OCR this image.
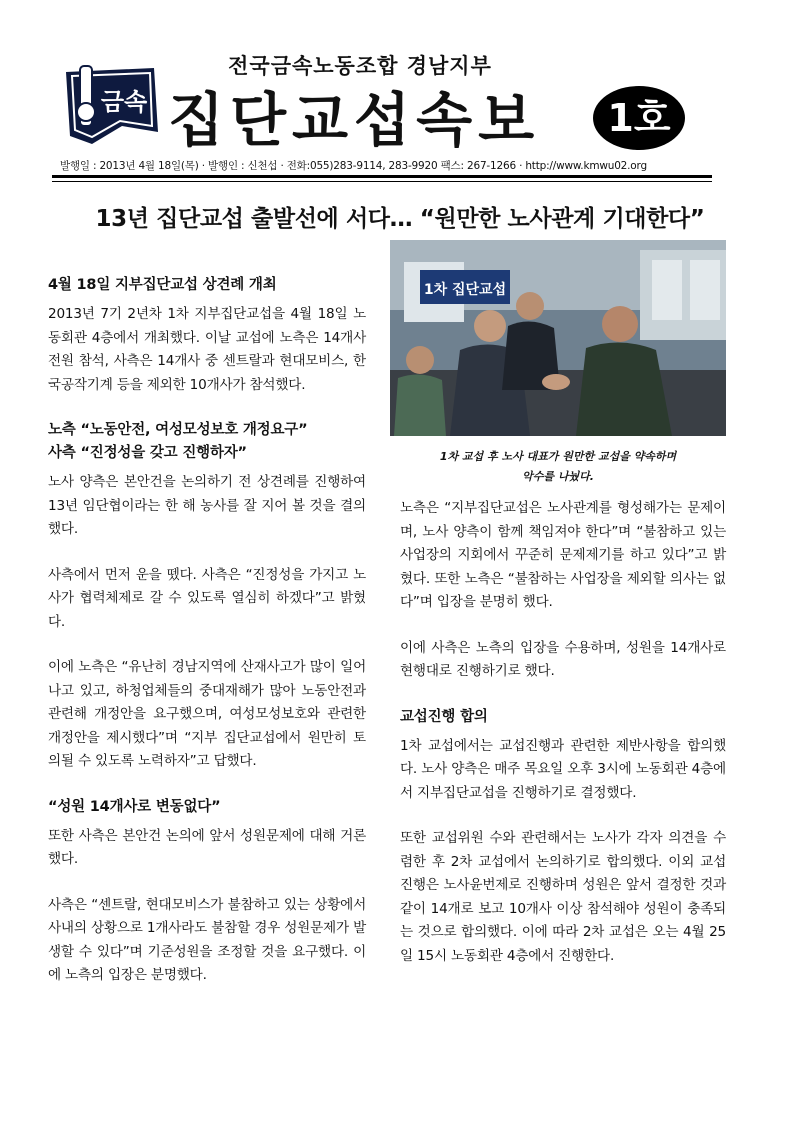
금속
전국금속노동조합 경남지부
집단교섭속보	1호
발행일 : 2013년 4월 18일(목) · 발행인 : 신천섭 · 전화:055)283-9114, 283-9920 팩스: 267-1266 · http://www.kmwu02.org
13년 집단교섭 출발선에 서다… “원만한 노사관계 기대한다”
1차 집단교섭
1차 교섭 후 노사 대표가 원만한 교섭을 약속하며
악수를 나눴다.
4월 18일 지부집단교섭 상견례 개최

2013년 7기 2년차 1차 지부집단교섭을 4월 18일 노동회관 4층에서 개최했다. 이날 교섭에 노측은 14개사 전원 참석, 사측은 14개사 중 센트랄과 현대모비스, 한국공작기계 등을 제외한 10개사가 참석했다.

노측 “노동안전, 여성모성보호 개정요구”
사측 “진정성을 갖고 진행하자”

노사 양측은 본안건을 논의하기 전 상견례를 진행하여 13년 임단협이라는 한 해 농사를 잘 지어 볼 것을 결의했다.

사측에서 먼저 운을 뗐다. 사측은 “진정성을 가지고 노사가 협력체제로 갈 수 있도록 열심히 하겠다”고 밝혔다.

이에 노측은 “유난히 경남지역에 산재사고가 많이 일어나고 있고, 하청업체들의 중대재해가 많아 노동안전과 관련해 개정안을 요구했으며, 여성모성보호와 관련한 개정안을 제시했다”며 “지부 집단교섭에서 원만히 토의될 수 있도록 노력하자”고 답했다.

“성원 14개사로 변동없다”

또한 사측은 본안건 논의에 앞서 성원문제에 대해 거론했다.

사측은 “센트랄, 현대모비스가 불참하고 있는 상황에서 사내의 상황으로 1개사라도 불참할 경우 성원문제가 발생할 수 있다”며 기준성원을 조정할 것을 요구했다. 이에 노측의 입장은 분명했다.

노측은 “지부집단교섭은 노사관계를 형성해가는 문제이며, 노사 양측이 함께 책임져야 한다”며 “불참하고 있는 사업장의 지회에서 꾸준히 문제제기를 하고 있다”고 밝혔다. 또한 노측은 “불참하는 사업장을 제외할 의사는 없다”며 입장을 분명히 했다.

이에 사측은 노측의 입장을 수용하며, 성원을 14개사로 현행대로 진행하기로 했다.

교섭진행 합의

1차 교섭에서는 교섭진행과 관련한 제반사항을 합의했다. 노사 양측은 매주 목요일 오후 3시에 노동회관 4층에서 지부집단교섭을 진행하기로 결정했다.

또한 교섭위원 수와 관련해서는 노사가 각자 의견을 수렴한 후 2차 교섭에서 논의하기로 합의했다. 이외 교섭 진행은 노사윤번제로 진행하며 성원은 앞서 결정한 것과 같이 14개로 보고 10개사 이상 참석해야 성원이 충족되는 것으로 합의했다. 이에 따라 2차 교섭은 오는 4월 25일 15시 노동회관 4층에서 진행한다.
